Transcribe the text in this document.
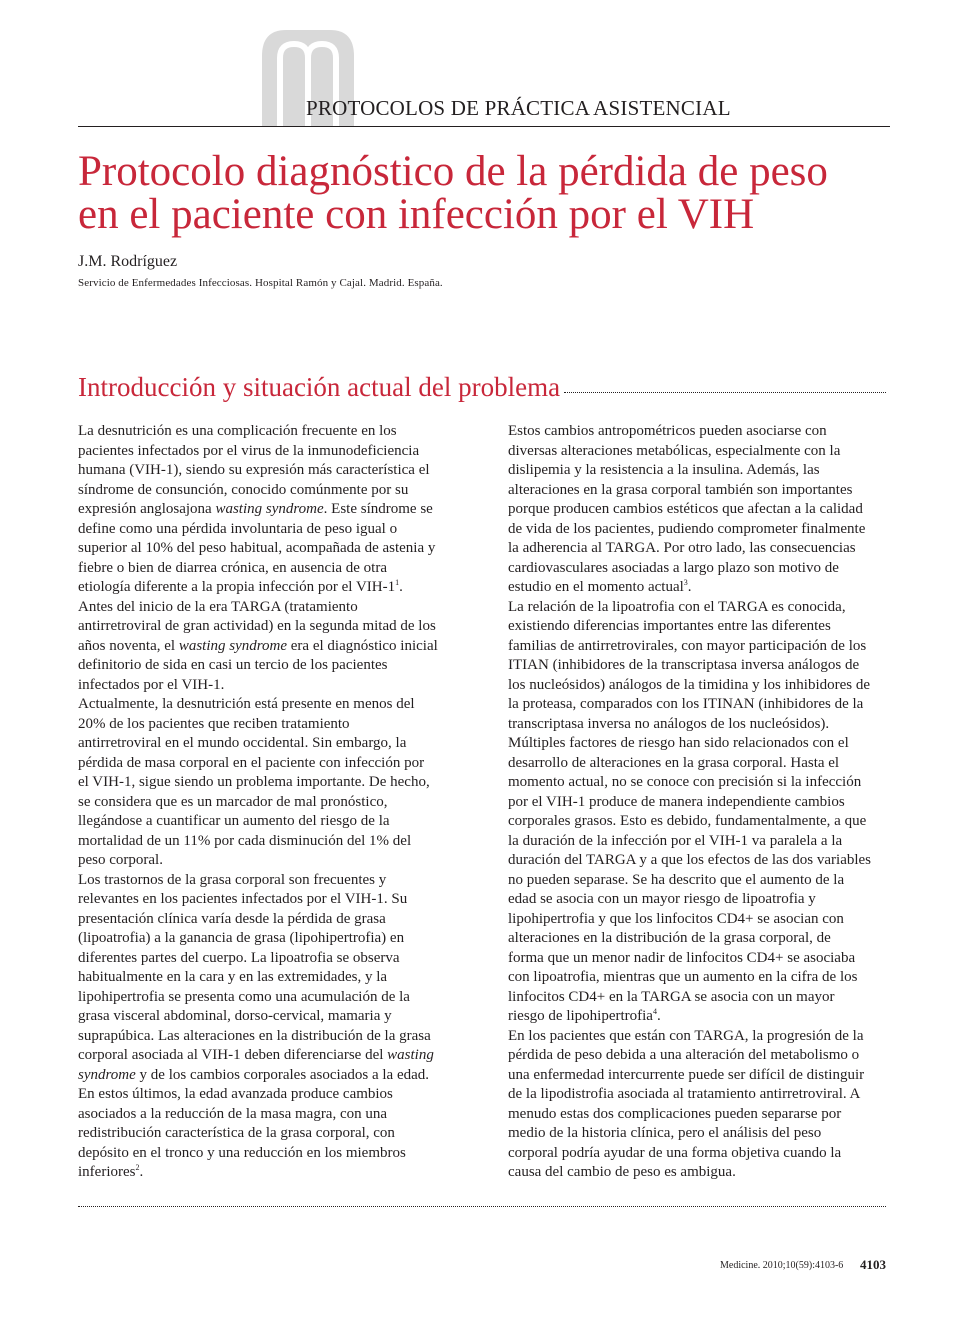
PROTOCOLOS DE PRÁCTICA ASISTENCIAL
Protocolo diagnóstico de la pérdida de peso
en el paciente con infección por el VIH
J.M. Rodríguez
Servicio de Enfermedades Infecciosas. Hospital Ramón y Cajal. Madrid. España.
Introducción y situación actual del problema

La desnutrición es una complicación frecuente en los
pacientes infectados por el virus de la inmunodeficiencia
humana (VIH-1), siendo su expresión más característica el
síndrome de consunción, conocido comúnmente por su
expresión anglosajona wasting syndrome. Este síndrome se
define como una pérdida involuntaria de peso igual o
superior al 10% del peso habitual, acompañada de astenia y
fiebre o bien de diarrea crónica, en ausencia de otra
etiología diferente a la propia infección por el VIH-$1^1$.

Antes del inicio de la era TARGA (tratamiento
antirretroviral de gran actividad) en la segunda mitad de los
años noventa, el wasting syndrome era el diagnóstico inicial
definitorio de sida en casi un tercio de los pacientes
infectados por el VIH-1.

Actualmente, la desnutrición está presente en menos del
20% de los pacientes que reciben tratamiento
antirretroviral en el mundo occidental. Sin embargo, la
pérdida de masa corporal en el paciente con infección por
el VIH-1, sigue siendo un problema importante. De hecho,
se considera que es un marcador de mal pronóstico,
llegándose a cuantificar un aumento del riesgo de la
mortalidad de un 11% por cada disminución del 1% del
peso corporal.

Los trastornos de la grasa corporal son frecuentes y
relevantes en los pacientes infectados por el VIH-1. Su
presentación clínica varía desde la pérdida de grasa
(lipoatrofia) a la ganancia de grasa (lipohipertrofia) en
diferentes partes del cuerpo. La lipoatrofia se observa
habitualmente en la cara y en las extremidades, y la
lipohipertrofia se presenta como una acumulación de la
grasa visceral abdominal, dorso-cervical, mamaria y
suprapúbica. Las alteraciones en la distribución de la grasa
corporal asociada al VIH-1 deben diferenciarse del wasting
syndrome y de los cambios corporales asociados a la edad.
En estos últimos, la edad avanzada produce cambios
asociados a la reducción de la masa magra, con una
redistribución característica de la grasa corporal, con
depósito en el tronco y una reducción en los miembros
inferiores$^2$.

Estos cambios antropométricos pueden asociarse con
diversas alteraciones metabólicas, especialmente con la
dislipemia y la resistencia a la insulina. Además, las
alteraciones en la grasa corporal también son importantes
porque producen cambios estéticos que afectan a la calidad
de vida de los pacientes, pudiendo comprometer finalmente
la adherencia al TARGA. Por otro lado, las consecuencias
cardiovasculares asociadas a largo plazo son motivo de
estudio en el momento actual$^3$.

La relación de la lipoatrofia con el TARGA es conocida,
existiendo diferencias importantes entre las diferentes
familias de antirretrovirales, con mayor participación de los
ITIAN (inhibidores de la transcriptasa inversa análogos de
los nucleósidos) análogos de la timidina y los inhibidores de
la proteasa, comparados con los ITINAN (inhibidores de la
transcriptasa inversa no análogos de los nucleósidos).

Múltiples factores de riesgo han sido relacionados con el
desarrollo de alteraciones en la grasa corporal. Hasta el
momento actual, no se conoce con precisión si la infección
por el VIH-1 produce de manera independiente cambios
corporales grasos. Esto es debido, fundamentalmente, a que
la duración de la infección por el VIH-1 va paralela a la
duración del TARGA y a que los efectos de las dos variables
no pueden separase. Se ha descrito que el aumento de la
edad se asocia con un mayor riesgo de lipoatrofia y
lipohipertrofia y que los linfocitos CD4+ se asocian con
alteraciones en la distribución de la grasa corporal, de
forma que un menor nadir de linfocitos CD4+ se asociaba
con lipoatrofia, mientras que un aumento en la cifra de los
linfocitos CD4+ en la TARGA se asocia con un mayor
riesgo de lipohipertrofia$^4$.

En los pacientes que están con TARGA, la progresión de la
pérdida de peso debida a una alteración del metabolismo o
una enfermedad intercurrente puede ser difícil de distinguir
de la lipodistrofia asociada al tratamiento antirretroviral. A
menudo estas dos complicaciones pueden separarse por
medio de la historia clínica, pero el análisis del peso
corporal podría ayudar de una forma objetiva cuando la
causa del cambio de peso es ambigua.

Medicine. 2010;10(59):4103-6 4103
